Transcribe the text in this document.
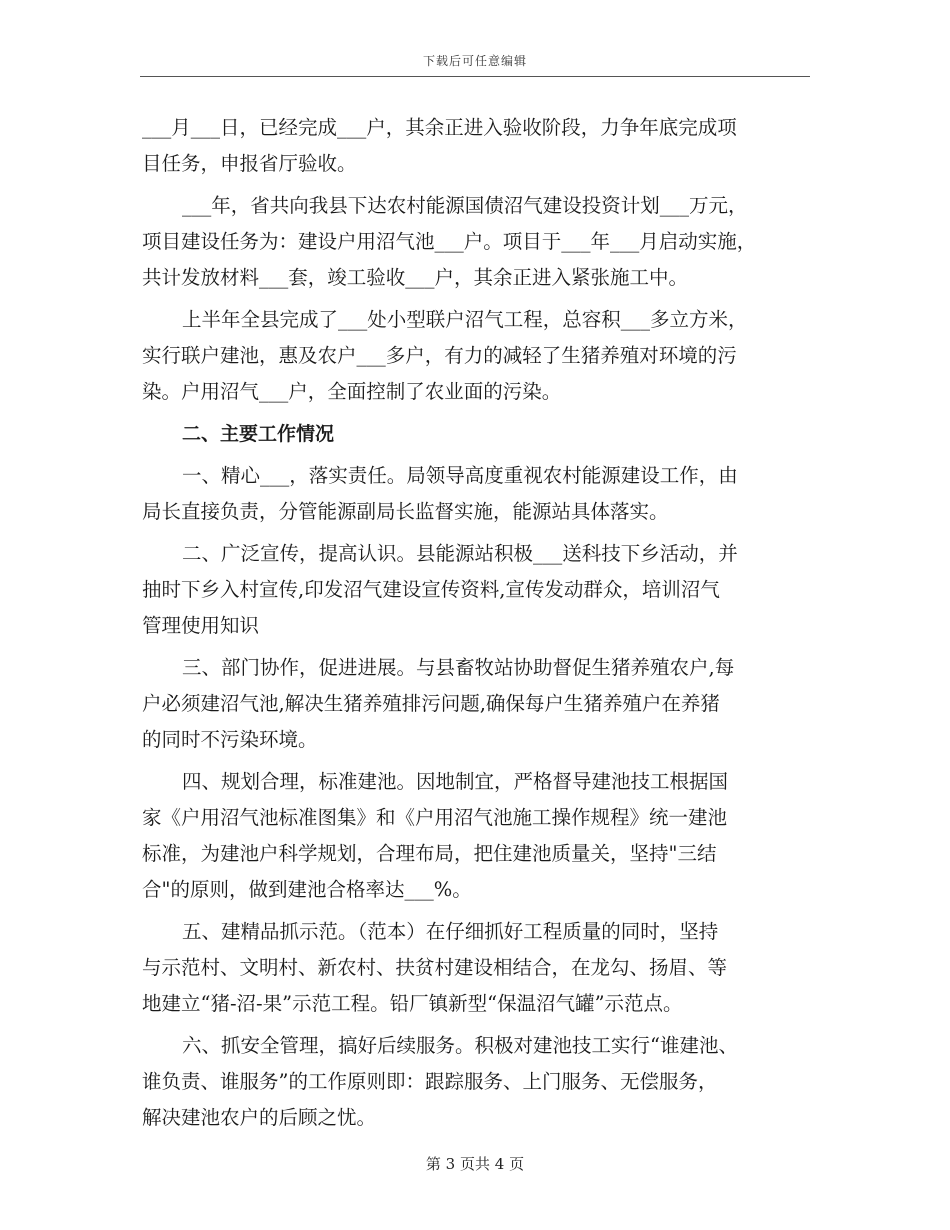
下载后可任意编辑
___月___日，已经完成___户，其余正进入验收阶段，力争年底完成项
目任务，申报省厅验收。
___年，省共向我县下达农村能源国债沼气建设投资计划___万元，
项目建设任务为：建设户用沼气池___户。项目于___年___月启动实施，
共计发放材料___套，竣工验收___户，其余正进入紧张施工中。
上半年全县完成了___处小型联户沼气工程，总容积___多立方米，
实行联户建池，惠及农户___多户，有力的减轻了生猪养殖对环境的污
染。户用沼气___户，全面控制了农业面的污染。
二、主要工作情况
一、精心___，落实责任。局领导高度重视农村能源建设工作，由
局长直接负责，分管能源副局长监督实施，能源站具体落实。
二、广泛宣传，提高认识。县能源站积极___送科技下乡活动，并
抽时下乡入村宣传,印发沼气建设宣传资料,宣传发动群众，培训沼气
管理使用知识
三、部门协作，促进进展。与县畜牧站协助督促生猪养殖农户,每
户必须建沼气池,解决生猪养殖排污问题,确保每户生猪养殖户在养猪
的同时不污染环境。
四、规划合理，标准建池。因地制宜，严格督导建池技工根据国
家《户用沼气池标准图集》和《户用沼气池施工操作规程》统一建池
标准，为建池户科学规划，合理布局，把住建池质量关，坚持"三结
合"的原则，做到建池合格率达___%。
五、建精品抓示范。（范本）在仔细抓好工程质量的同时，坚持
与示范村、文明村、新农村、扶贫村建设相结合，在龙勾、扬眉、等
地建立“猪-沼-果”示范工程。铅厂镇新型“保温沼气罐”示范点。
六、抓安全管理，搞好后续服务。积极对建池技工实行“谁建池、
谁负责、谁服务”的工作原则即：跟踪服务、上门服务、无偿服务，
解决建池农户的后顾之忧。
第 3 页共 4 页
